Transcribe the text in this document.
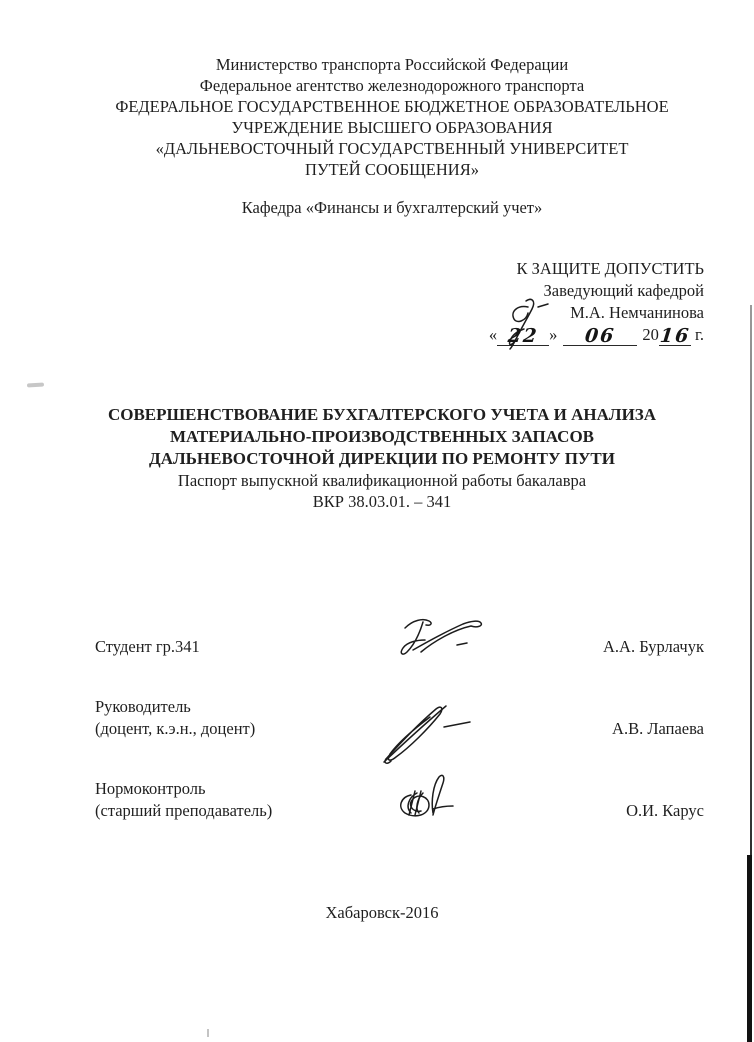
Министерство транспорта Российской Федерации
Федеральное агентство железнодорожного транспорта
ФЕДЕРАЛЬНОЕ ГОСУДАРСТВЕННОЕ БЮДЖЕТНОЕ ОБРАЗОВАТЕЛЬНОЕ
УЧРЕЖДЕНИЕ ВЫСШЕГО ОБРАЗОВАНИЯ
«ДАЛЬНЕВОСТОЧНЫЙ ГОСУДАРСТВЕННЫЙ УНИВЕРСИТЕТ
ПУТЕЙ СООБЩЕНИЯ»
Кафедра «Финансы и бухгалтерский учет»
К ЗАЩИТЕ ДОПУСТИТЬ
Заведующий кафедрой
М.А. Немчанинова
« 22 » 06 2016 г.
СОВЕРШЕНСТВОВАНИЕ БУХГАЛТЕРСКОГО УЧЕТА И АНАЛИЗА
МАТЕРИАЛЬНО-ПРОИЗВОДСТВЕННЫХ ЗАПАСОВ
ДАЛЬНЕВОСТОЧНОЙ ДИРЕКЦИИ ПО РЕМОНТУ ПУТИ
Паспорт выпускной квалификационной работы бакалавра
ВКР 38.03.01. – 341
Студент гр.341	А.А. Бурлачук
Руководитель
(доцент, к.э.н., доцент)	А.В. Лапаева
Нормоконтроль
(старший преподаватель)	О.И. Карус
Хабаровск-2016
